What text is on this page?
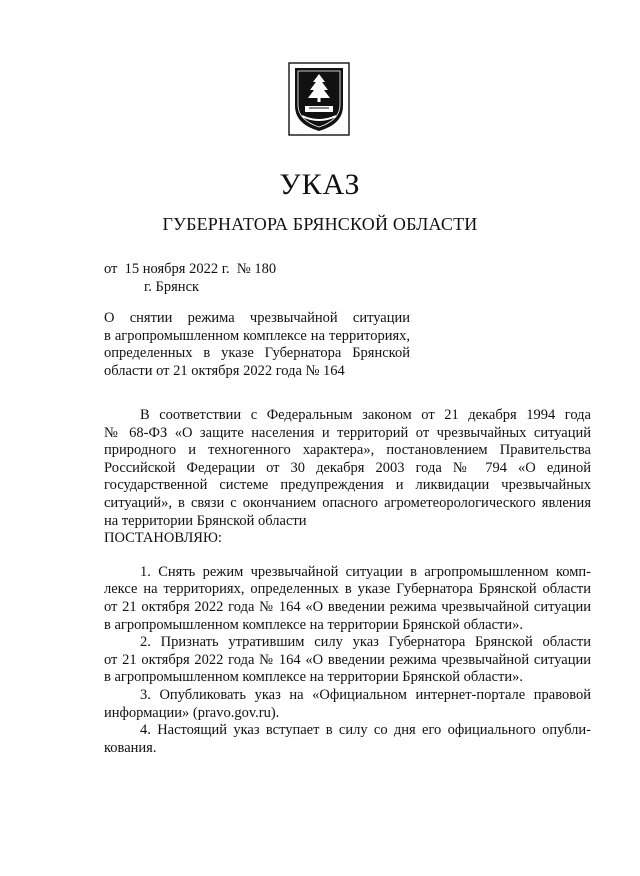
УКАЗ
ГУБЕРНАТОРА БРЯНСКОЙ ОБЛАСТИ
от  15 ноября 2022 г.  № 180
г. Брянск
О снятии режима чрезвычайной ситуации
в агропромышленном комплексе на территориях,
определенных в указе Губернатора Брянской
области от 21 октября 2022 года № 164
В соответствии с Федеральным законом от 21 декабря 1994 года
№ 68-ФЗ «О защите населения и территорий от чрезвычайных ситуаций
природного и техногенного характера», постановлением Правительства
Российской Федерации от 30 декабря 2003 года № 794 «О единой
государственной системе предупреждения и ликвидации чрезвычайных
ситуаций», в связи с окончанием опасного агрометеорологического явления
на территории Брянской области
ПОСТАНОВЛЯЮ:
1. Снять режим чрезвычайной ситуации в агропромышленном комп-
лексе на территориях, определенных в указе Губернатора Брянской области
от 21 октября 2022 года № 164 «О введении режима чрезвычайной ситуации
в агропромышленном комплексе на территории Брянской области».
2. Признать утратившим силу указ Губернатора Брянской области
от 21 октября 2022 года № 164 «О введении режима чрезвычайной ситуации
в агропромышленном комплексе на территории Брянской области».
3. Опубликовать указ на «Официальном интернет-портале правовой
информации» (pravo.gov.ru).
4. Настоящий указ вступает в силу со дня его официального опубли-
кования.
